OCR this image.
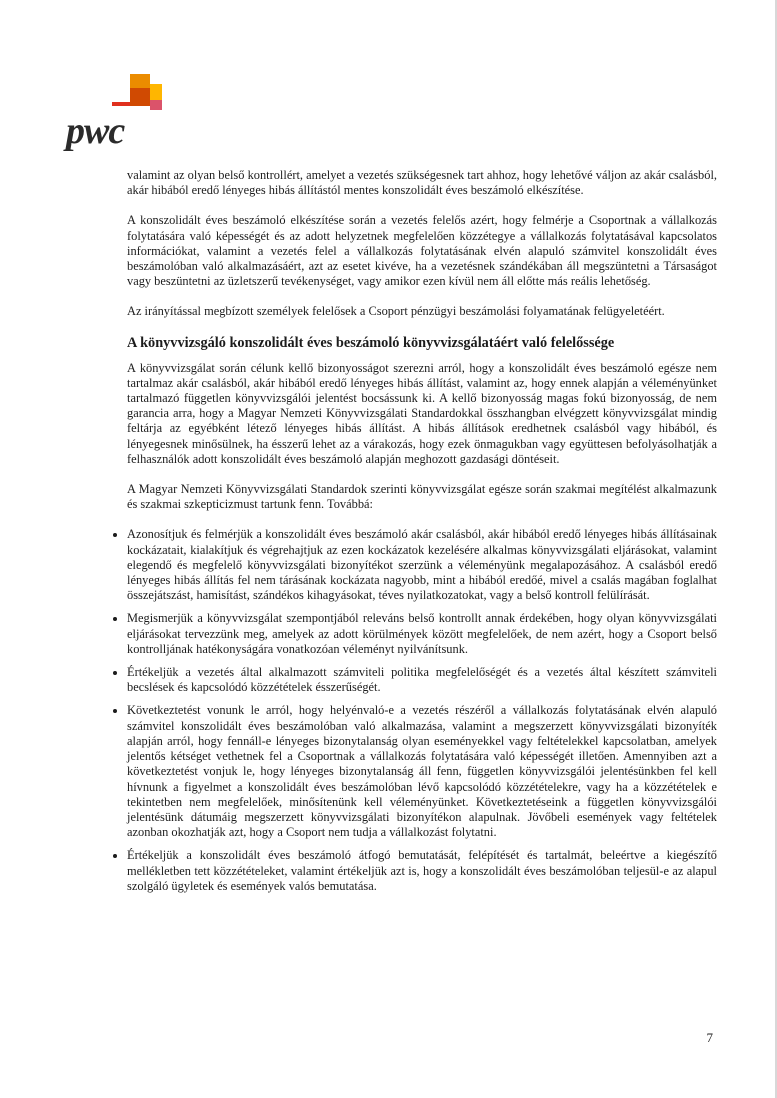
pwc

valamint az olyan belső kontrollért, amelyet a vezetés szükségesnek tart ahhoz, hogy lehetővé váljon az akár csalásból, akár hibából eredő lényeges hibás állítástól mentes konszolidált éves beszámoló elkészítése.

A konszolidált éves beszámoló elkészítése során a vezetés felelős azért, hogy felmérje a Csoportnak a vállalkozás folytatására való képességét és az adott helyzetnek megfelelően közzétegye a vállalkozás folytatásával kapcsolatos információkat, valamint a vezetés felel a vállalkozás folytatásának elvén alapuló számvitel konszolidált éves beszámolóban való alkalmazásáért, azt az esetet kivéve, ha a vezetésnek szándékában áll megszüntetni a Társaságot vagy beszüntetni az üzletszerű tevékenységet, vagy amikor ezen kívül nem áll előtte más reális lehetőség.

Az irányítással megbízott személyek felelősek a Csoport pénzügyi beszámolási folyamatának felügyeletéért.

A könyvvizsgáló konszolidált éves beszámoló könyvvizsgálatáért való felelőssége

A könyvvizsgálat során célunk kellő bizonyosságot szerezni arról, hogy a konszolidált éves beszámoló egésze nem tartalmaz akár csalásból, akár hibából eredő lényeges hibás állítást, valamint az, hogy ennek alapján a véleményünket tartalmazó független könyvvizsgálói jelentést bocsássunk ki. A kellő bizonyosság magas fokú bizonyosság, de nem garancia arra, hogy a Magyar Nemzeti Könyvvizsgálati Standardokkal összhangban elvégzett könyvvizsgálat mindig feltárja az egyébként létező lényeges hibás állítást. A hibás állítások eredhetnek csalásból vagy hibából, és lényegesnek minősülnek, ha ésszerű lehet az a várakozás, hogy ezek önmagukban vagy együttesen befolyásolhatják a felhasználók adott konszolidált éves beszámoló alapján meghozott gazdasági döntéseit.

A Magyar Nemzeti Könyvvizsgálati Standardok szerinti könyvvizsgálat egésze során szakmai megítélést alkalmazunk és szakmai szkepticizmust tartunk fenn. Továbbá:

Azonosítjuk és felmérjük a konszolidált éves beszámoló akár csalásból, akár hibából eredő lényeges hibás állításainak kockázatait, kialakítjuk és végrehajtjuk az ezen kockázatok kezelésére alkalmas könyvvizsgálati eljárásokat, valamint elegendő és megfelelő könyvvizsgálati bizonyítékot szerzünk a véleményünk megalapozásához. A csalásból eredő lényeges hibás állítás fel nem tárásának kockázata nagyobb, mint a hibából eredőé, mivel a csalás magában foglalhat összejátszást, hamisítást, szándékos kihagyásokat, téves nyilatkozatokat, vagy a belső kontroll felülírását.
Megismerjük a könyvvizsgálat szempontjából releváns belső kontrollt annak érdekében, hogy olyan könyvvizsgálati eljárásokat tervezzünk meg, amelyek az adott körülmények között megfelelőek, de nem azért, hogy a Csoport belső kontrolljának hatékonyságára vonatkozóan véleményt nyilvánítsunk.
Értékeljük a vezetés által alkalmazott számviteli politika megfelelőségét és a vezetés által készített számviteli becslések és kapcsolódó közzétételek ésszerűségét.
Következtetést vonunk le arról, hogy helyénvaló-e a vezetés részéről a vállalkozás folytatásának elvén alapuló számvitel konszolidált éves beszámolóban való alkalmazása, valamint a megszerzett könyvvizsgálati bizonyíték alapján arról, hogy fennáll-e lényeges bizonytalanság olyan eseményekkel vagy feltételekkel kapcsolatban, amelyek jelentős kétséget vethetnek fel a Csoportnak a vállalkozás folytatására való képességét illetően. Amennyiben azt a következtetést vonjuk le, hogy lényeges bizonytalanság áll fenn, független könyvvizsgálói jelentésünkben fel kell hívnunk a figyelmet a konszolidált éves beszámolóban lévő kapcsolódó közzétételekre, vagy ha a közzétételek e tekintetben nem megfelelőek, minősítenünk kell véleményünket. Következtetéseink a független könyvvizsgálói jelentésünk dátumáig megszerzett könyvvizsgálati bizonyítékon alapulnak. Jövőbeli események vagy feltételek azonban okozhatják azt, hogy a Csoport nem tudja a vállalkozást folytatni.
Értékeljük a konszolidált éves beszámoló átfogó bemutatását, felépítését és tartalmát, beleértve a kiegészítő mellékletben tett közzétételeket, valamint értékeljük azt is, hogy a konszolidált éves beszámolóban teljesül-e az alapul szolgáló ügyletek és események valós bemutatása.
7
